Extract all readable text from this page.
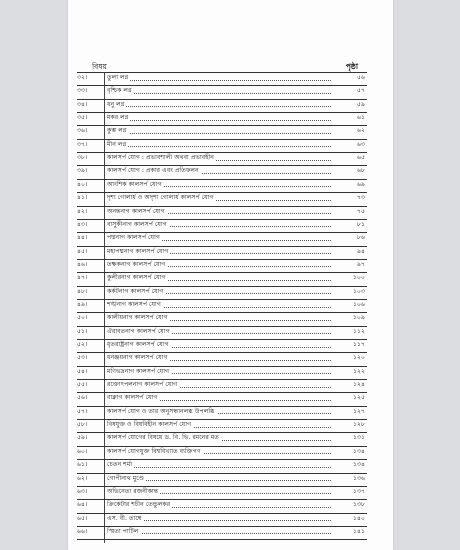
বিষয়	পৃষ্ঠা
৩২।	তুলা লগ্ন	৫৬
৩৩।	বৃশ্চিক লগ্ন	৫৭
৩৪।	ধনু লগ্ন	৫৯
৩৫।	মকর লগ্ন	৬১
৩৬।	কুম্ভ লগ্ন	৬২
৩৭।	মীন লগ্ন	৬৩
৩৮।	কালসর্প যোগ : প্রভাবশালী অথবা প্রভাবহীন	৬৫
৩৯।	কালসর্প যোগ : প্রকার এবং প্রতিফলন	৬৮
৪০।	আংশিক কালসর্প যোগ	৬৯
৪১।	দৃশ্য গোলার্ধ ও অদৃশ্য গোলার্ধ কালসর্প যোগ	৭৩
৪২।	অনন্তনাগ কালসর্প যোগ	৭৫
৪৩।	বাসুকীনাগ কালসর্প যোগ	৮১
৪৪।	পদ্মনাগ কালসর্প যোগ	৮৬
৪৫।	মহাপদ্মনাগ কালসর্প যোগ	৯৪
৪৬।	তক্ষকনাগ কালসর্প যোগ	৯৭
৪৭।	কুলীরনাগ কালসর্প যোগ	১০০
৪৮।	কর্কটনাগ কালসর্প যোগ	১০৩
৪৯।	শঙ্খনাগ কালসর্প যোগ	১০৬
৫০।	কালীয়নাগ কালসর্প যোগ	১০৯
৫১।	ঐরাবতনাগ কালসর্প যোগ	১১২
৫২।	ধৃতরাষ্ট্রনাগ কালসর্প যোগ	১১৭
৫৩।	ধনঞ্জয়নাগ কালসর্প যোগ	১২০
৫৪।	মণিভদ্রনাগ কালসর্প যোগ	১২২
৫৫।	রক্তোৎপলনাগ কালসর্প যোগ	১২৪
৫৬।	বাক্নাগ কালসর্প যোগ	১২৫
৫৭।	কালসর্প যোগ ও তার অনুসন্ধানলব্ধ উপলব্ধি	১২৭
৫৮।	বিষযুক্ত ও বিষবিহীন কালসর্প যোগ	১২৮
৫৯।	কালসর্প যোগের বিষয়ে ড. বি. ভি. রমনের মত	১৩১
৬০।	কালসর্প যোগযুক্ত বিশ্ববিখ্যাত ব্যক্তিগণ	১৩৪
৬১।	চেতন শর্মা	১৩৪
৬২।	গোপীনাথ মুণ্ডে	১৩৬
৬৩।	অভিনেতা রজনীকান্ত	১৩৭
৬৪।	ক্রিকেটার শচীন তেন্ডুলকর	১৩৮
৬৫।	এস. বী. তাম্বে	১৪০
৬৬।	স্মিতা পাটিল	১৪১
